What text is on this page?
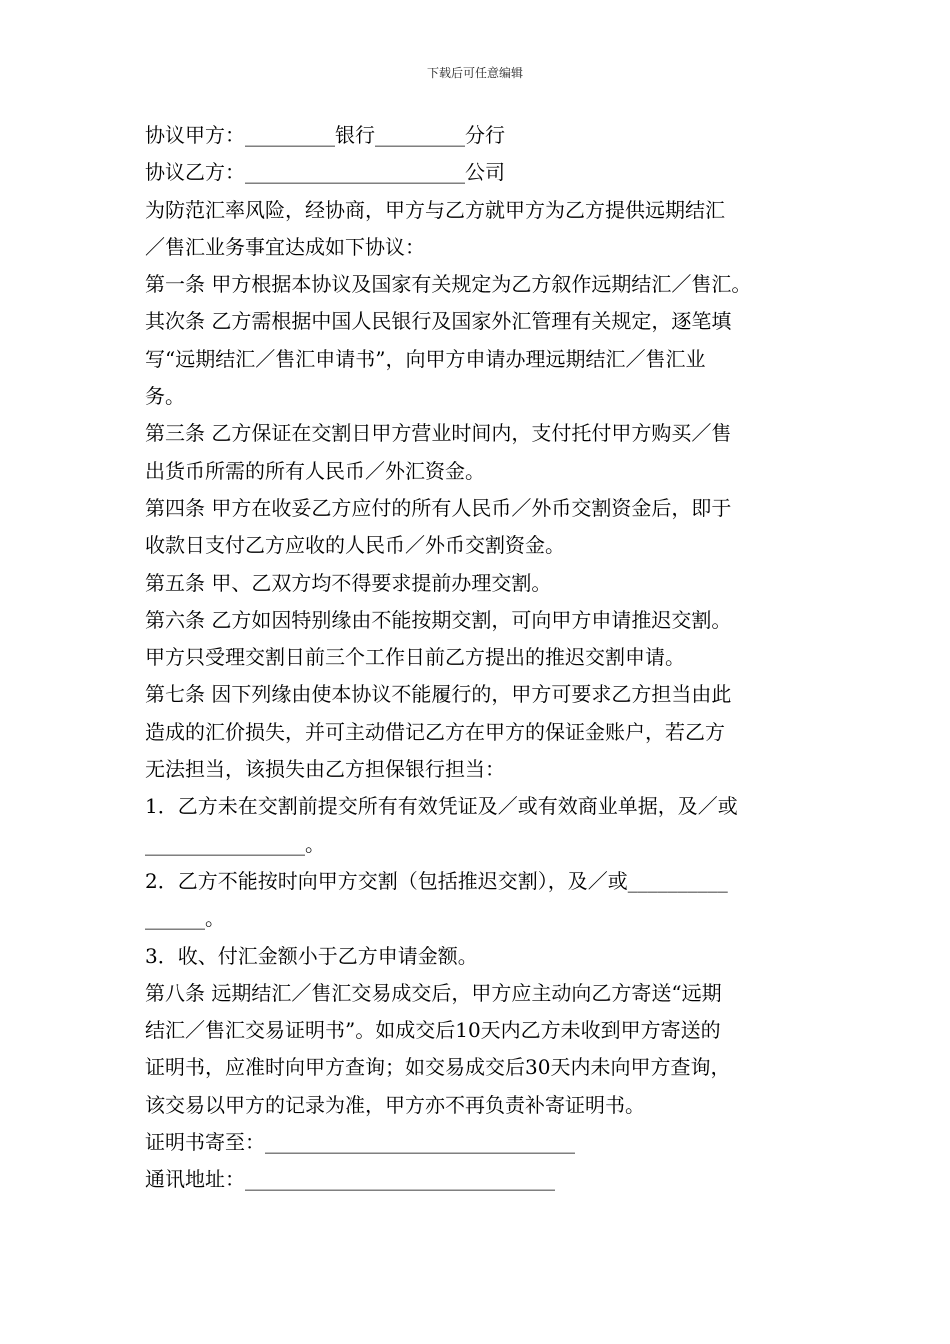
下载后可任意编辑
协议甲方：_________银行_________分行
协议乙方：______________________公司
为防范汇率风险，经协商，甲方与乙方就甲方为乙方提供远期结汇
／售汇业务事宜达成如下协议：
第一条 甲方根据本协议及国家有关规定为乙方叙作远期结汇／售汇。
其次条 乙方需根据中国人民银行及国家外汇管理有关规定，逐笔填
写“远期结汇／售汇申请书”，向甲方申请办理远期结汇／售汇业
务。
第三条 乙方保证在交割日甲方营业时间内，支付托付甲方购买／售
出货币所需的所有人民币／外汇资金。
第四条 甲方在收妥乙方应付的所有人民币／外币交割资金后，即于
收款日支付乙方应收的人民币／外币交割资金。
第五条 甲、乙双方均不得要求提前办理交割。
第六条 乙方如因特别缘由不能按期交割，可向甲方申请推迟交割。
甲方只受理交割日前三个工作日前乙方提出的推迟交割申请。
第七条 因下列缘由使本协议不能履行的，甲方可要求乙方担当由此
造成的汇价损失，并可主动借记乙方在甲方的保证金账户，若乙方
无法担当，该损失由乙方担保银行担当：
1．乙方未在交割前提交所有有效凭证及／或有效商业单据，及／或
________________。
2．乙方不能按时向甲方交割（包括推迟交割），及／或__________
______。
3．收、付汇金额小于乙方申请金额。
第八条 远期结汇／售汇交易成交后，甲方应主动向乙方寄送“远期
结汇／售汇交易证明书”。如成交后10天内乙方未收到甲方寄送的
证明书，应准时向甲方查询；如交易成交后30天内未向甲方查询，
该交易以甲方的记录为准，甲方亦不再负责补寄证明书。
证明书寄至：_______________________________
通讯地址：_______________________________
